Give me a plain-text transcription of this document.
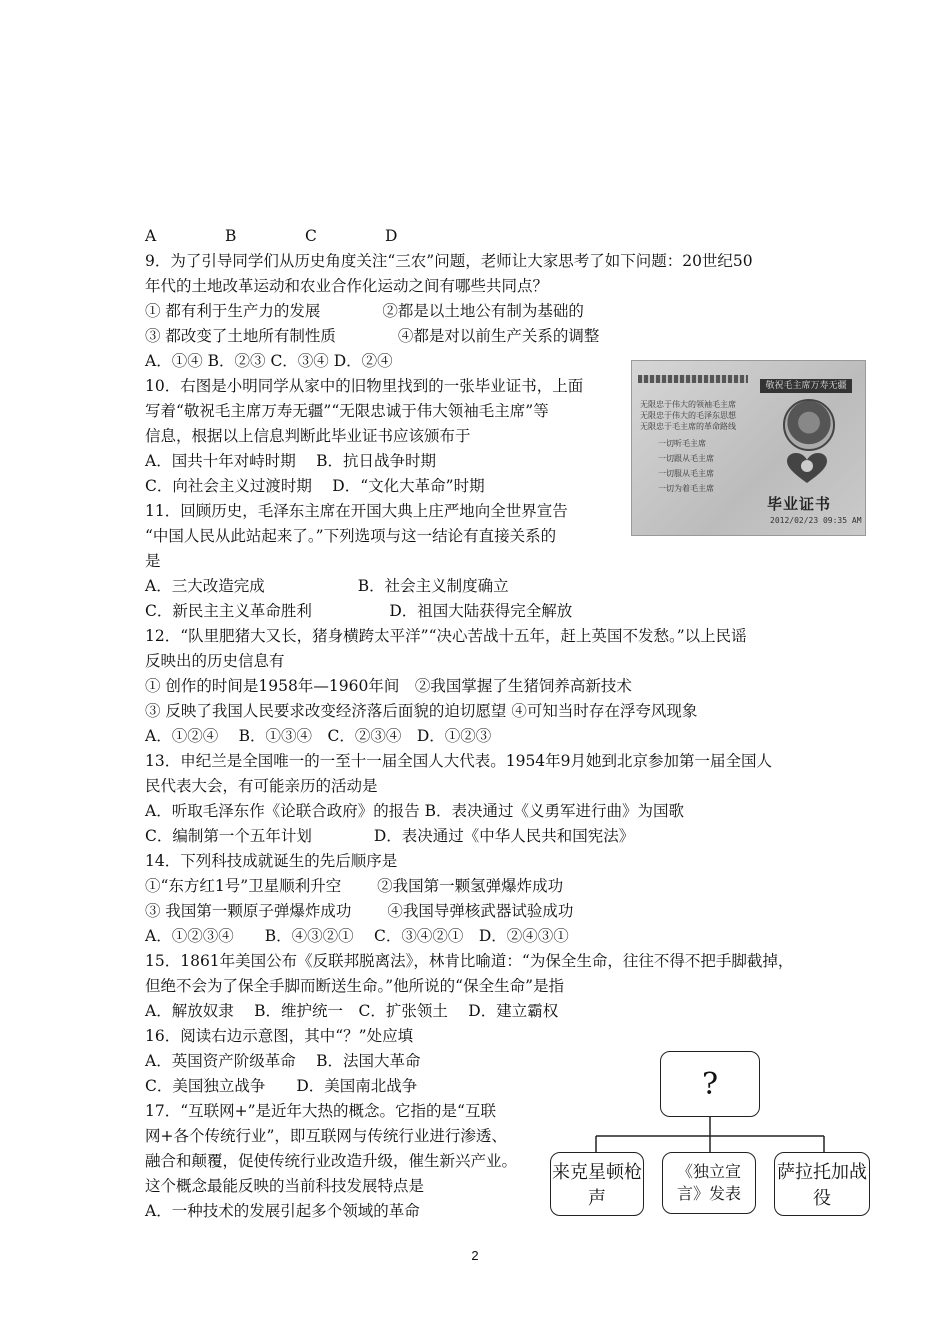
A	B	C	D
9．为了引导同学们从历史角度关注“三农”问题，老师让大家思考了如下问题：20世纪50
年代的土地改革运动和农业合作化运动之间有哪些共同点？
① 都有利于生产力的发展　　　　②都是以土地公有制为基础的
③ 都改变了土地所有制性质　　　　④都是对以前生产关系的调整
A．①④ B．②③ C．③④ D．②④
10．右图是小明同学从家中的旧物里找到的一张毕业证书，上面
写着“敬祝毛主席万寿无疆”“无限忠诚于伟大领袖毛主席”等
信息，根据以上信息判断此毕业证书应该颁布于
A．国共十年对峙时期　 B．抗日战争时期
C．向社会主义过渡时期　 D．“文化大革命”时期
11．回顾历史，毛泽东主席在开国大典上庄严地向全世界宣告
“中国人民从此站起来了。”下列选项与这一结论有直接关系的
是
A．三大改造完成　　　　　　B．社会主义制度确立
C．新民主主义革命胜利　　　　　D．祖国大陆获得完全解放
12．“队里肥猪大又长，猪身横跨太平洋”“决心苦战十五年，赶上英国不发愁。”以上民谣
反映出的历史信息有
① 创作的时间是1958年—1960年间　②我国掌握了生猪饲养高新技术
③ 反映了我国人民要求改变经济落后面貌的迫切愿望 ④可知当时存在浮夸风现象
A．①②④　 B．①③④　C．②③④　D．①②③
13．申纪兰是全国唯一的一至十一届全国人大代表。1954年9月她到北京参加第一届全国人
民代表大会，有可能亲历的活动是
A．听取毛泽东作《论联合政府》的报告 B．表决通过《义勇军进行曲》为国歌
C．编制第一个五年计划　　　　D．表决通过《中华人民共和国宪法》
14．下列科技成就诞生的先后顺序是
①“东方红1号”卫星顺利升空　　 ②我国第一颗氢弹爆炸成功
③ 我国第一颗原子弹爆炸成功　　 ④我国导弹核武器试验成功
A．①②③④　　B．④③②①　 C．③④②①　D．②④③①
15．1861年美国公布《反联邦脱离法》，林肯比喻道：“为保全生命，往往不得不把手脚截掉，
但绝不会为了保全手脚而断送生命。”他所说的“保全生命”是指
A．解放奴隶　 B．维护统一　C．扩张领土　 D．建立霸权
16．阅读右边示意图，其中“？”处应填
A．英国资产阶级革命　 B．法国大革命
C．美国独立战争　　D．美国南北战争
17．“互联网+”是近年大热的概念。它指的是“互联
网+各个传统行业”，即互联网与传统行业进行渗透、
融合和颠覆，促使传统行业改造升级，催生新兴产业。
这个概念最能反映的当前科技发展特点是
A．一种技术的发展引起多个领域的革命
敬祝毛主席万寿无疆
无限忠于伟大的领袖毛主席
无限忠于伟大的毛泽东思想
无限忠于毛主席的革命路线
一切听毛主席
一切跟从毛主席
一切服从毛主席
一切为着毛主席
毕业证书
2012/02/23 09:35 AM
?
来克星顿枪声
《独立宣言》发表
萨拉托加战役
2
